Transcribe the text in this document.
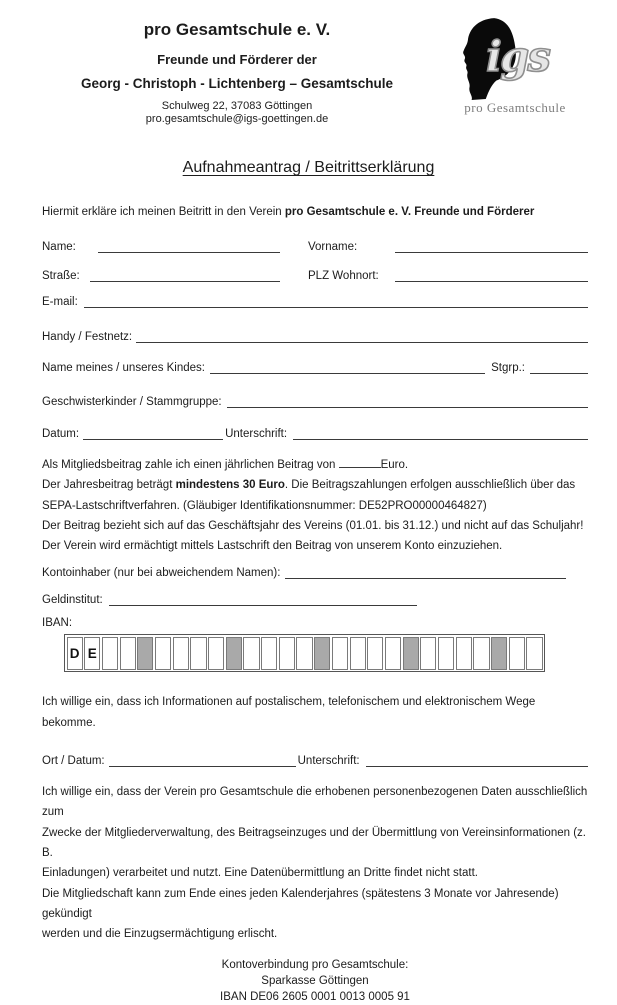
pro Gesamtschule e. V.
Freunde und Förderer der
Georg - Christoph - Lichtenberg – Gesamtschule
Schulweg 22, 37083 Göttingen
pro.gesamtschule@igs-goettingen.de
igs
pro Gesamtschule
Aufnahmeantrag / Beitrittserklärung

Hiermit erkläre ich meinen Beitritt in den Verein pro Gesamtschule e. V. Freunde und Förderer

Name:	Vorname:
Straße:	PLZ Wohnort:
E-mail:
Handy / Festnetz:
Name meines / unseres Kindes:	Stgrp.:
Geschwisterkinder / Stammgruppe:
Datum:	Unterschrift:
Als Mitgliedsbeitrag zahle ich einen jährlichen Beitrag von	Euro.
Der Jahresbeitrag beträgt mindestens 30 Euro. Die Beitragszahlungen erfolgen ausschließlich über das
SEPA-Lastschriftverfahren. (Gläubiger Identifikationsnummer: DE52PRO00000464827)
Der Beitrag bezieht sich auf das Geschäftsjahr des Vereins (01.01. bis 31.12.) und nicht auf das Schuljahr!
Der Verein wird ermächtigt mittels Lastschrift den Beitrag von unserem Konto einzuziehen.
Kontoinhaber (nur bei abweichendem Namen):
Geldinstitut:
IBAN:
D E
Ich willige ein, dass ich Informationen auf postalischem, telefonischem und elektronischem Wege bekomme.
Ort / Datum:	Unterschrift:
Ich willige ein, dass der Verein pro Gesamtschule die erhobenen personenbezogenen Daten ausschließlich zum
Zwecke der Mitgliederverwaltung, des Beitragseinzuges und der Übermittlung von Vereinsinformationen (z. B.
Einladungen) verarbeitet und nutzt. Eine Datenübermittlung an Dritte findet nicht statt.
Die Mitgliedschaft kann zum Ende eines jeden Kalenderjahres (spätestens 3 Monate vor Jahresende) gekündigt
werden und die Einzugsermächtigung erlischt.
Kontoverbindung pro Gesamtschule:
Sparkasse Göttingen
IBAN DE06 2605 0001 0013 0005 91
